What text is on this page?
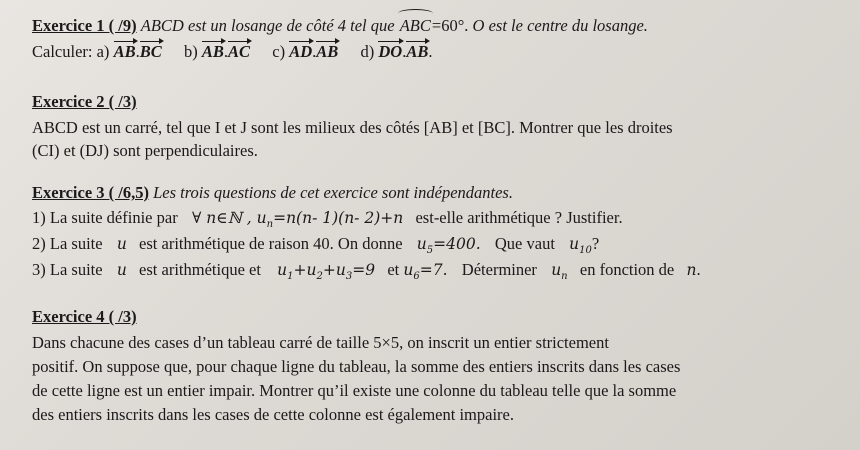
Exercice 1 ( /9) ABCD est un losange de côté 4 tel que ABC=60°. O est le centre du losange.
Calculer: a) AB.BC b) AB.AC c) AD.AB d) DO.AB.
Exercice 2 ( /3)
ABCD est un carré, tel que I et J sont les milieux des côtés [AB] et [BC]. Montrer que les droites
(CI) et (DJ) sont perpendiculaires.
Exercice 3 ( /6,5) Les trois questions de cet exercice sont indépendantes.
1) La suite définie par ∀ n∈ℕ , $u_n=n(n-$ 1)(n- 2)+n est-elle arithmétique ? Justifier.
2) La suite u est arithmétique de raison 40. On donne $u_5=400$. Que vaut $u_{10}$?
3) La suite u est arithmétique et $u_1+u_2+u_3=9$ et $u_6=7$. Déterminer $u_n$ en fonction de n.
Exercice 4 ( /3)
Dans chacune des cases d’un tableau carré de taille 5×5, on inscrit un entier strictement
positif. On suppose que, pour chaque ligne du tableau, la somme des entiers inscrits dans les cases
de cette ligne est un entier impair. Montrer qu’il existe une colonne du tableau telle que la somme
des entiers inscrits dans les cases de cette colonne est également impaire.
